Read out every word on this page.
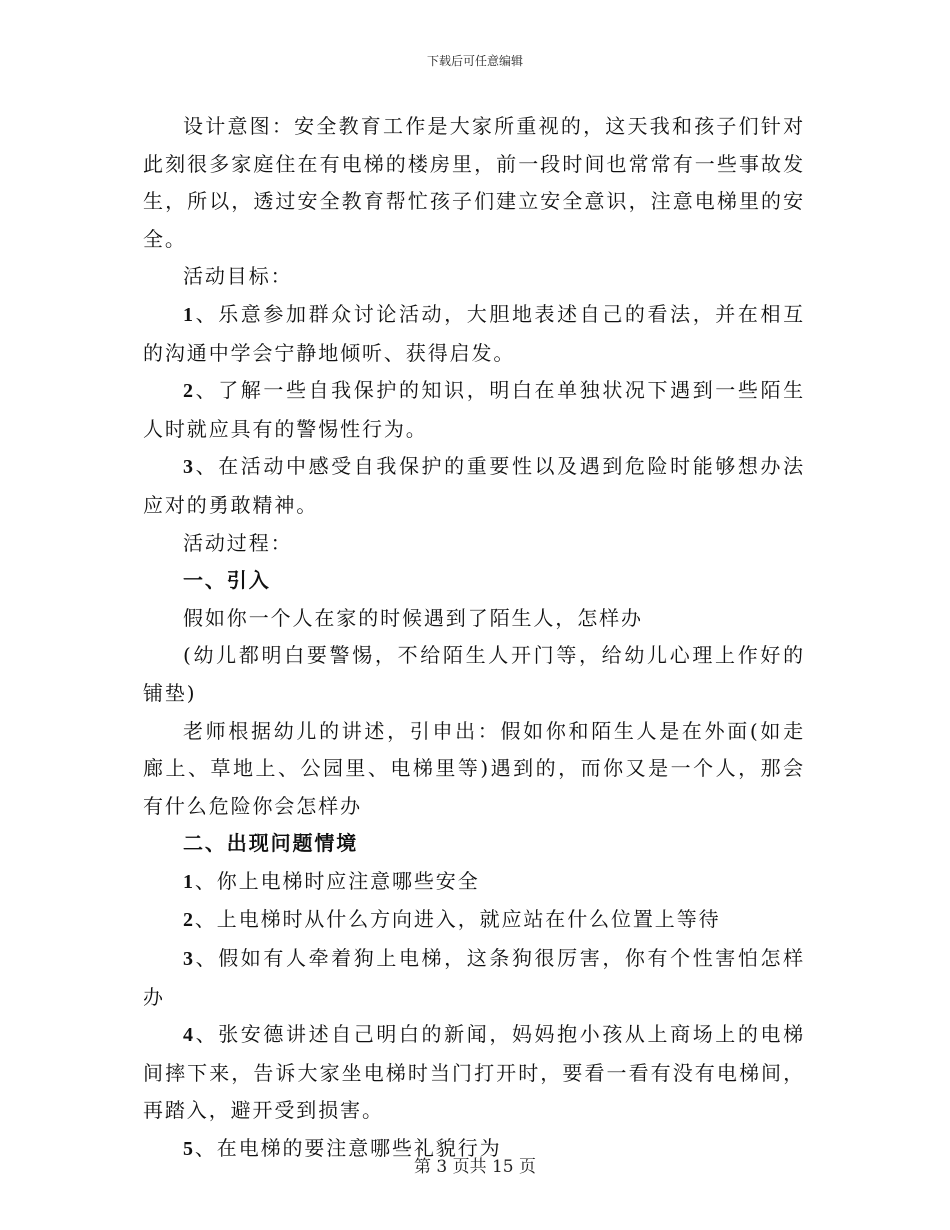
下载后可任意编辑

设计意图：安全教育工作是大家所重视的，这天我和孩子们针对此刻很多家庭住在有电梯的楼房里，前一段时间也常常有一些事故发生，所以，透过安全教育帮忙孩子们建立安全意识，注意电梯里的安全。

活动目标：

1、乐意参加群众讨论活动，大胆地表述自己的看法，并在相互的沟通中学会宁静地倾听、获得启发。

2、了解一些自我保护的知识，明白在单独状况下遇到一些陌生人时就应具有的警惕性行为。

3、在活动中感受自我保护的重要性以及遇到危险时能够想办法应对的勇敢精神。

活动过程：

一、引入

假如你一个人在家的时候遇到了陌生人，怎样办

(幼儿都明白要警惕，不给陌生人开门等，给幼儿心理上作好的铺垫)

老师根据幼儿的讲述，引申出：假如你和陌生人是在外面(如走廊上、草地上、公园里、电梯里等)遇到的，而你又是一个人，那会有什么危险你会怎样办

二、出现问题情境

1、你上电梯时应注意哪些安全

2、上电梯时从什么方向进入，就应站在什么位置上等待

3、假如有人牵着狗上电梯，这条狗很厉害，你有个性害怕怎样办

4、张安德讲述自己明白的新闻，妈妈抱小孩从上商场上的电梯间摔下来，告诉大家坐电梯时当门打开时，要看一看有没有电梯间，再踏入，避开受到损害。

5、在电梯的要注意哪些礼貌行为

第 3 页共 15 页
